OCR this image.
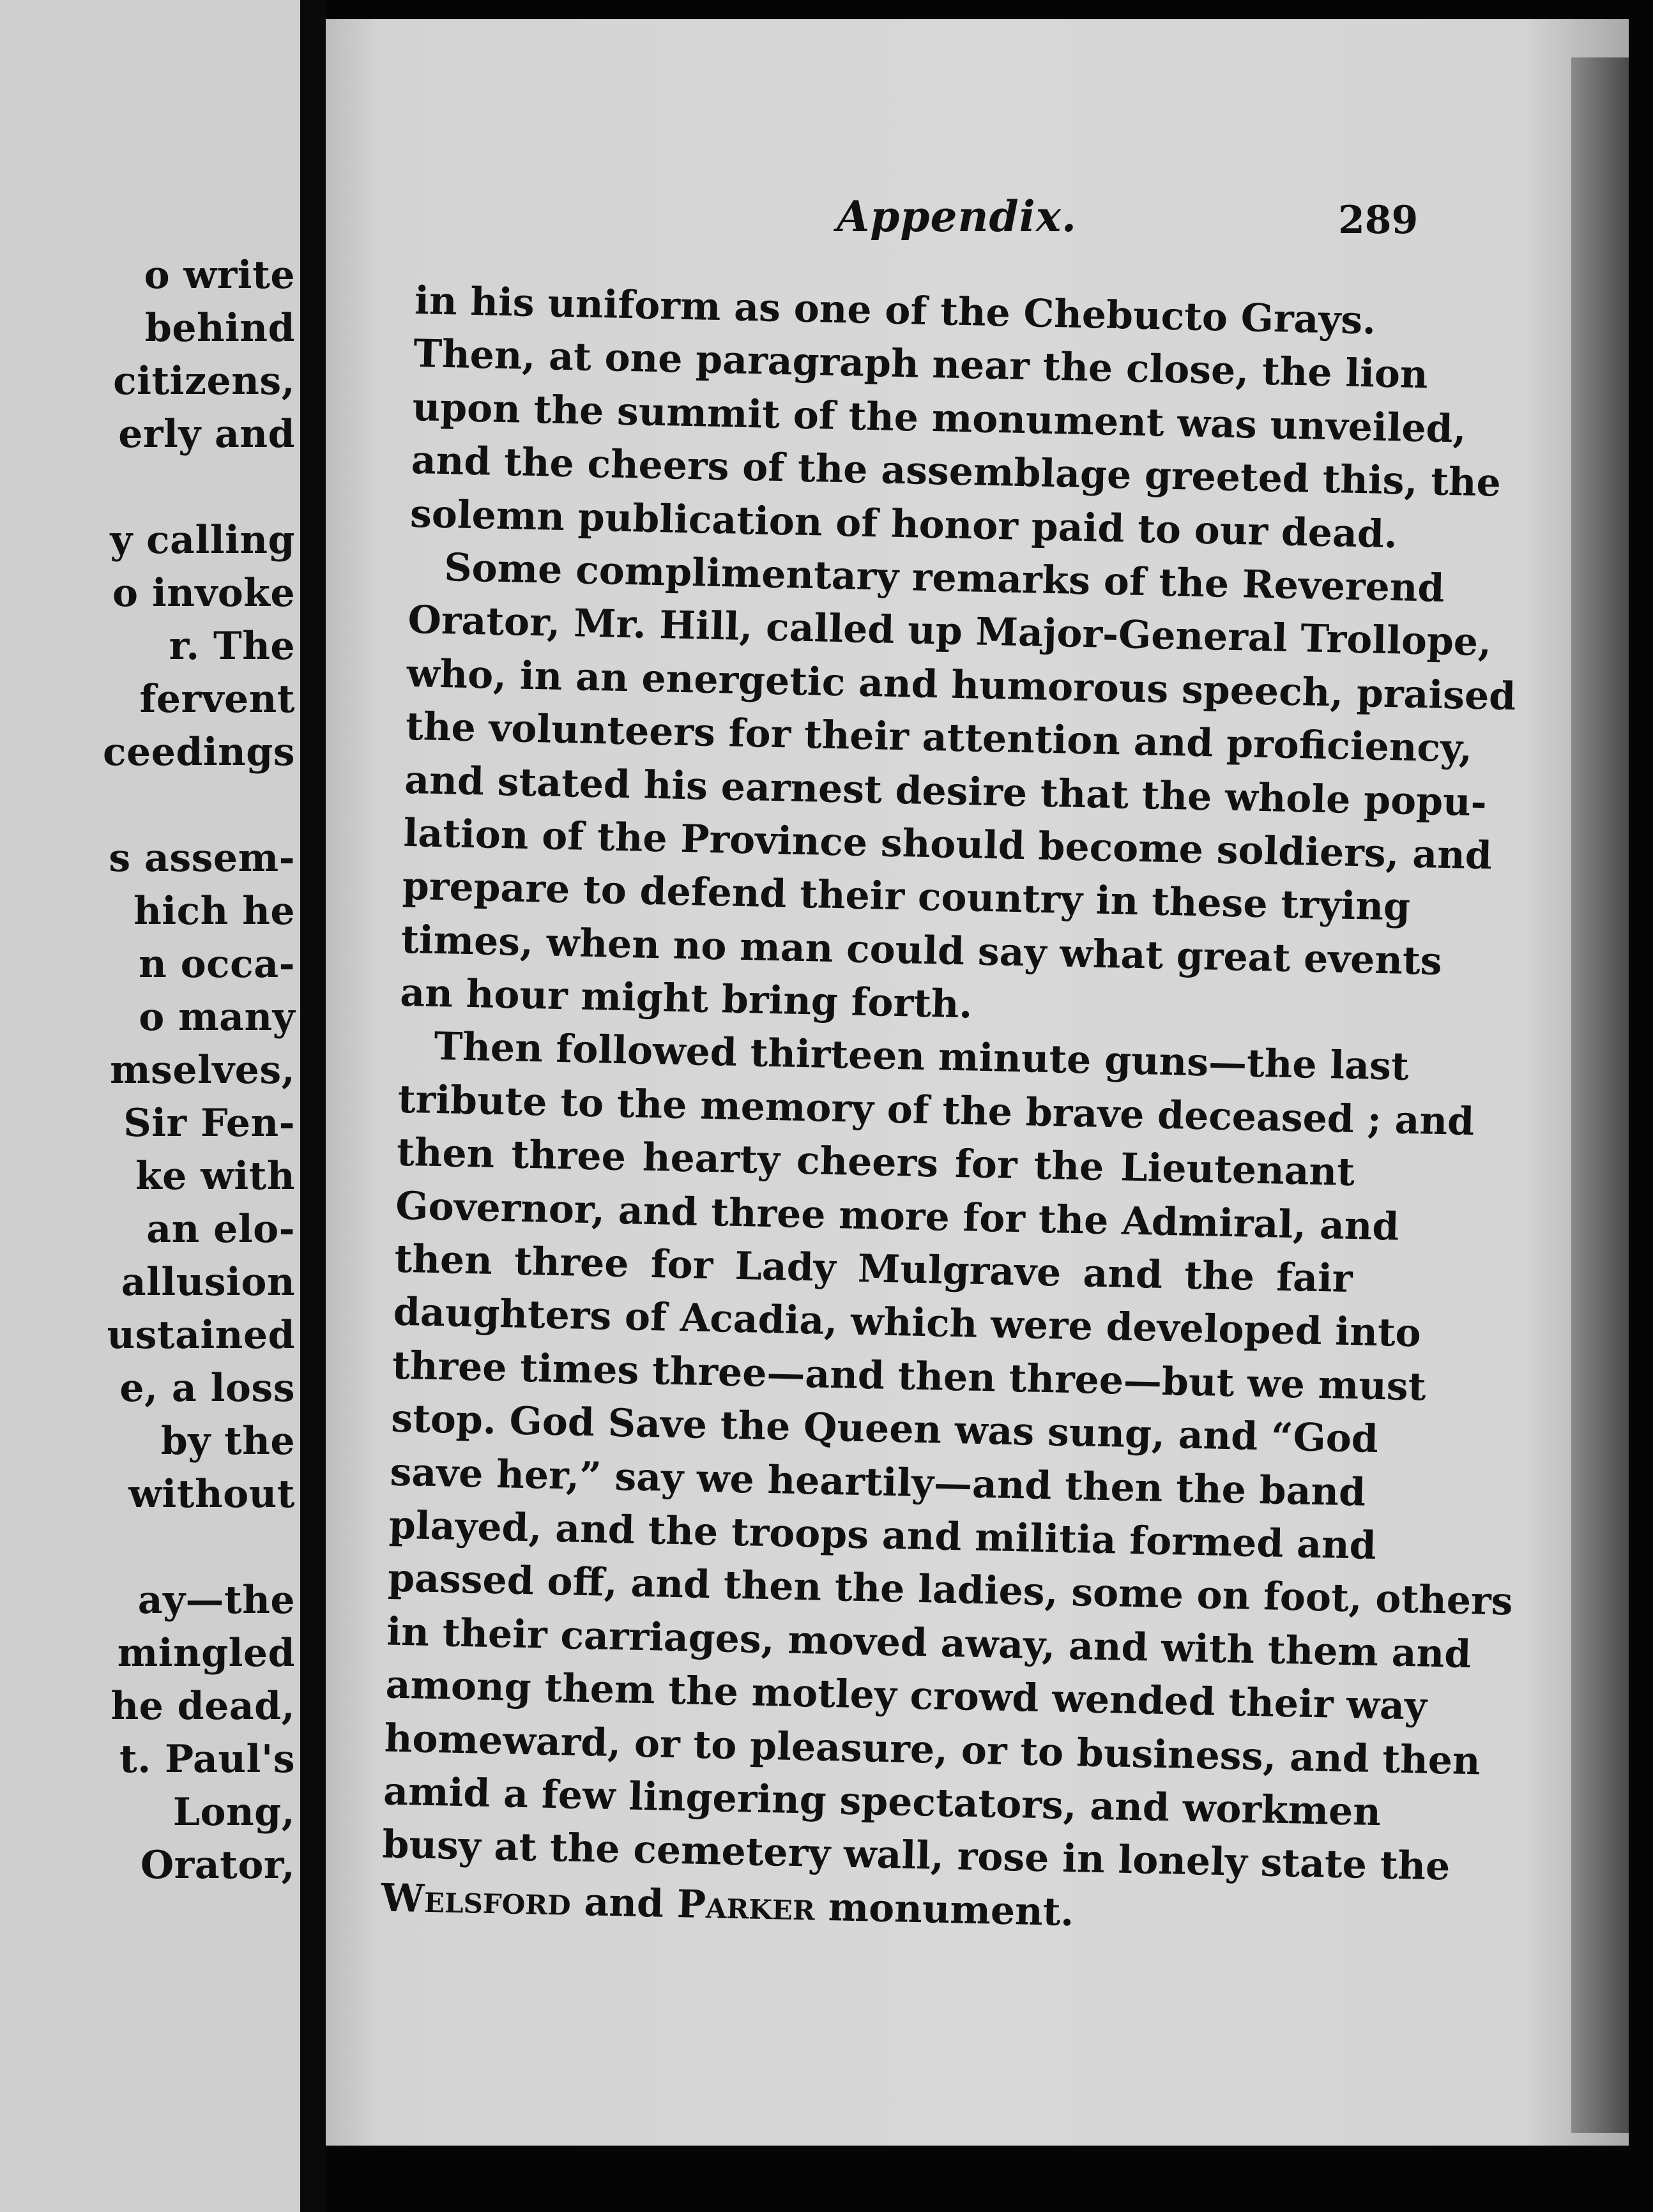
o write
behind
citizens,
erly and
y calling
o invoke
r. The
fervent
ceedings
s assem-
hich he
n occa-
o many
mselves,
Sir Fen-
ke with
an elo-
allusion
ustained
e, a loss
by the
without
ay—the
mingled
he dead,
t. Paul's
Long,
Orator,
Appendix.	289
in his uniform as one of the Chebucto Grays.
Then, at one paragraph near the close, the lion
upon the summit of the monument was unveiled,
and the cheers of the assemblage greeted this, the
solemn publication of honor paid to our dead.
Some complimentary remarks of the Reverend
Orator, Mr. Hill, called up Major-General Trollope,
who, in an energetic and humorous speech, praised
the volunteers for their attention and proficiency,
and stated his earnest desire that the whole popu-
lation of the Province should become soldiers, and
prepare to defend their country in these trying
times, when no man could say what great events
an hour might bring forth.
Then followed thirteen minute guns—the last
tribute to the memory of the brave deceased ; and
then three hearty cheers for the Lieutenant
Governor, and three more for the Admiral, and
then three for Lady Mulgrave and the fair
daughters of Acadia, which were developed into
three times three—and then three—but we must
stop. God Save the Queen was sung, and “God
save her,” say we heartily—and then the band
played, and the troops and militia formed and
passed off, and then the ladies, some on foot, others
in their carriages, moved away, and with them and
among them the motley crowd wended their way
homeward, or to pleasure, or to business, and then
amid a few lingering spectators, and workmen
busy at the cemetery wall, rose in lonely state the
Welsford and Parker monument.
